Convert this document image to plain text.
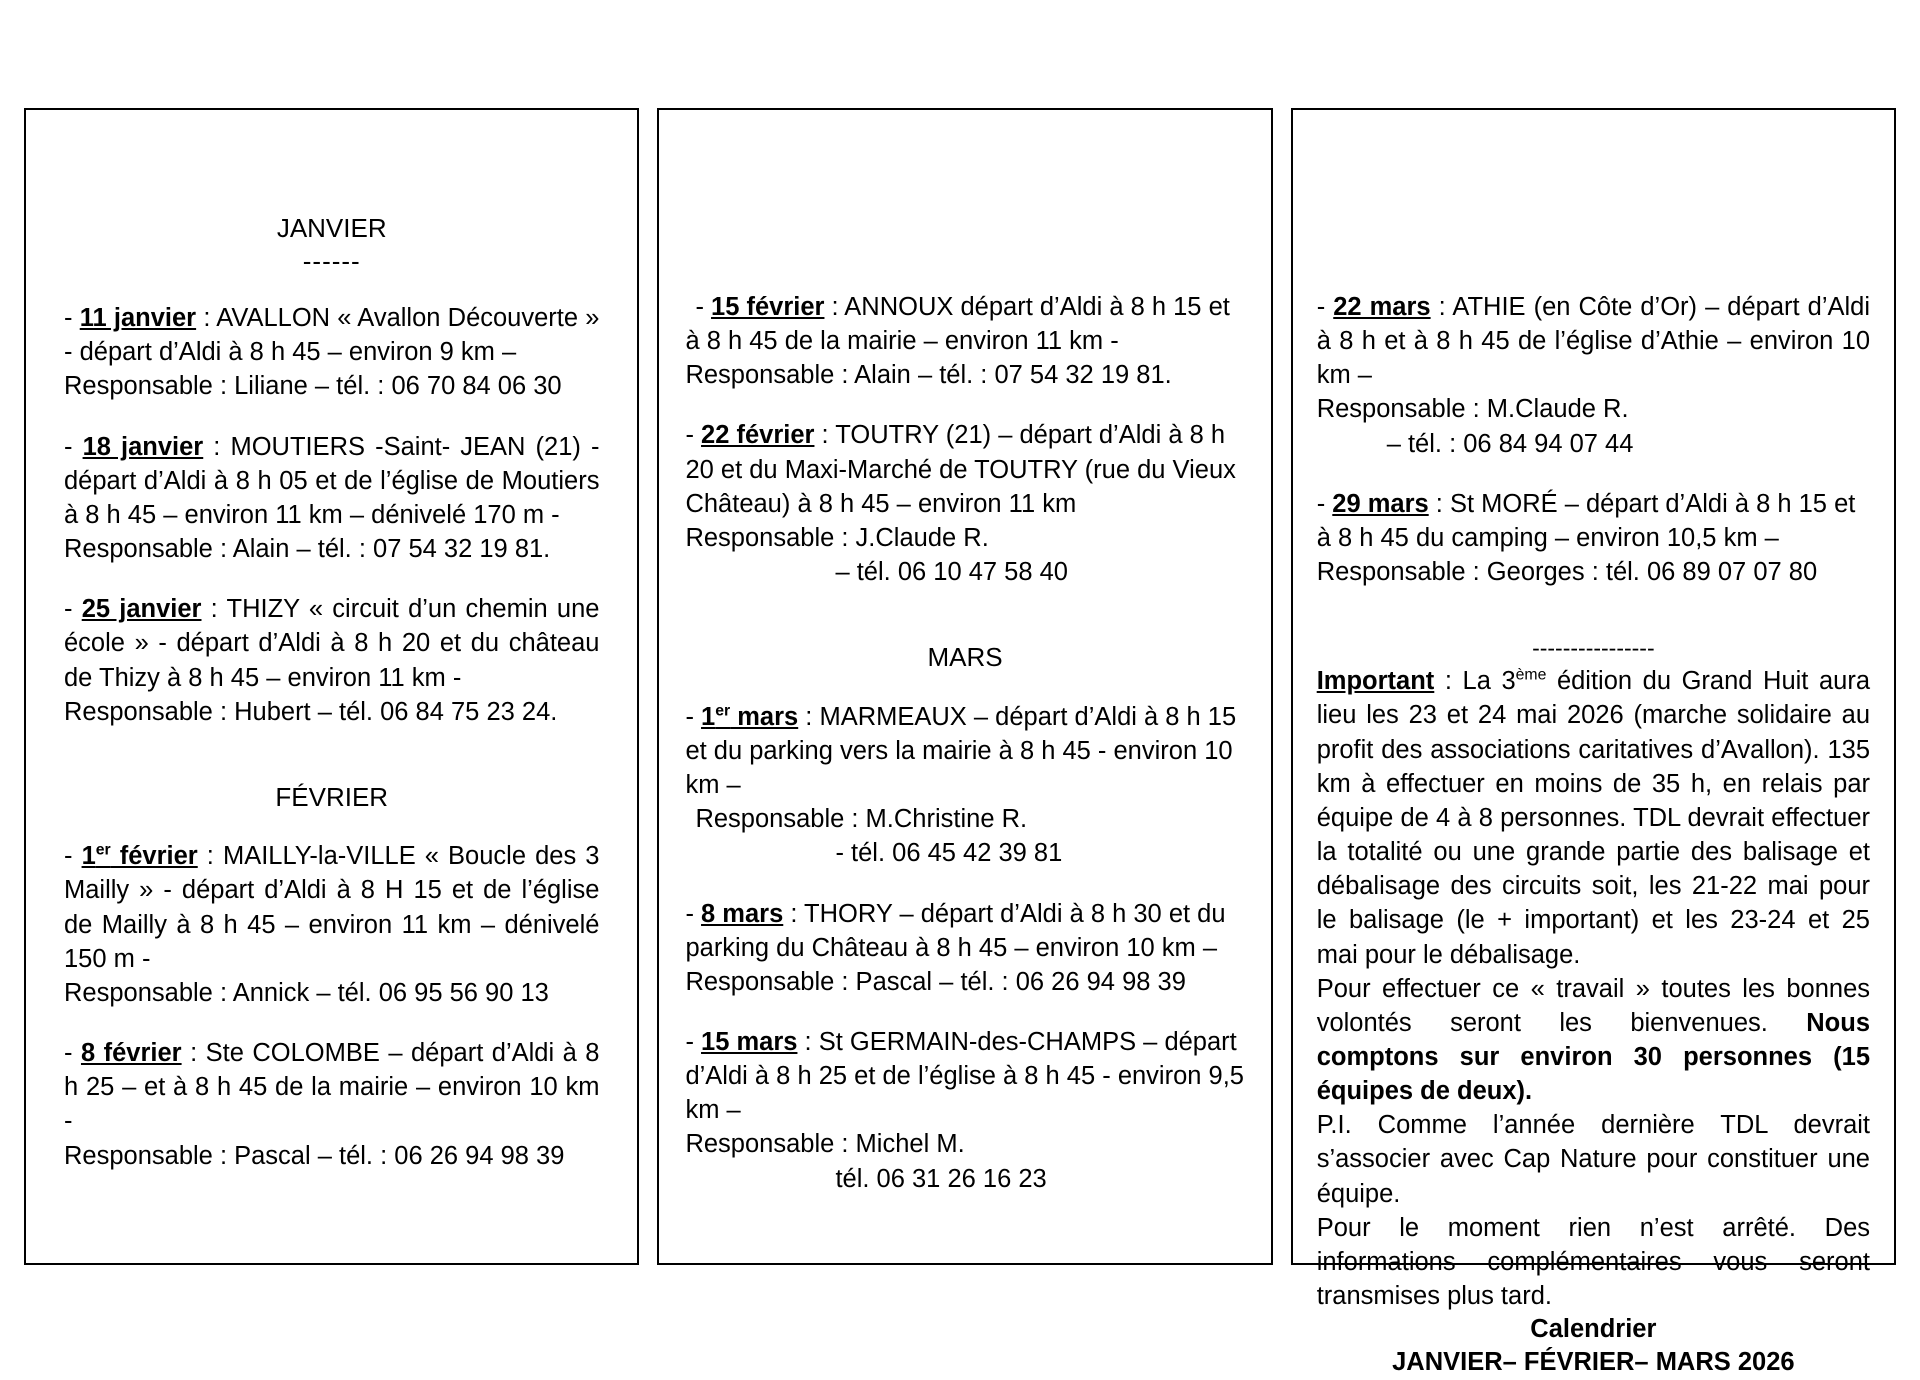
JANVIER
------
- 11 janvier : AVALLON « Avallon Découverte » - départ d’Aldi à 8 h 45 – environ 9 km –
Responsable : Liliane – tél. : 06 70 84 06 30
- 18 janvier : MOUTIERS -Saint- JEAN (21) - départ d’Aldi à 8 h 05 et de l’église de Moutiers à 8 h 45 – environ 11 km – dénivelé 170 m -
Responsable : Alain – tél. : 07 54 32 19 81.
- 25 janvier : THIZY « circuit d’un chemin une école » - départ d’Aldi à 8 h 20 et du château de Thizy à 8 h 45 – environ 11 km -
Responsable : Hubert – tél. 06 84 75 23 24.
FÉVRIER
- 1er février : MAILLY-la-VILLE « Boucle des 3 Mailly » - départ d’Aldi à 8 H 15 et de l’église de Mailly à 8 h 45 – environ 11 km – dénivelé 150 m -
Responsable : Annick – tél. 06 95 56 90 13
- 8 février : Ste COLOMBE – départ d’Aldi à 8 h 25 – et à 8 h 45 de la mairie – environ 10 km -
Responsable : Pascal – tél. : 06 26 94 98 39
- 15 février : ANNOUX départ d’Aldi à 8 h 15 et à 8 h 45 de la mairie – environ 11 km -
Responsable : Alain – tél. : 07 54 32 19 81.
- 22 février : TOUTRY (21) – départ d’Aldi à 8 h 20 et du Maxi-Marché de TOUTRY (rue du Vieux Château) à 8 h 45 – environ 11 km
Responsable : J.Claude R.
– tél. 06 10 47 58 40
MARS
- 1er mars : MARMEAUX – départ d’Aldi à 8 h 15 et du parking vers la mairie à 8 h 45 - environ 10 km –
Responsable : M.Christine R.
- tél. 06 45 42 39 81
- 8 mars : THORY – départ d’Aldi à 8 h 30 et du parking du Château à 8 h 45 – environ 10 km –
Responsable : Pascal – tél. : 06 26 94 98 39
- 15 mars : St GERMAIN-des-CHAMPS – départ d’Aldi à 8 h 25 et de l’église à 8 h 45 - environ 9,5 km –
Responsable : Michel M.
tél. 06 31 26 16 23
- 22 mars : ATHIE (en Côte d’Or) – départ d’Aldi à 8 h et à 8 h 45 de l’église d’Athie – environ 10 km –
Responsable : M.Claude R.
– tél. : 06 84 94 07 44
- 29 mars : St MORÉ – départ d’Aldi à 8 h 15 et à 8 h 45 du camping – environ 10,5 km –
Responsable : Georges : tél. 06 89 07 07 80
----------------
Important : La 3ème édition du Grand Huit aura lieu les 23 et 24 mai 2026 (marche solidaire au profit des associations caritatives d’Avallon). 135 km à effectuer en moins de 35 h, en relais par équipe de 4 à 8 personnes. TDL devrait effectuer la totalité ou une grande partie des balisage et débalisage des circuits soit, les 21-22 mai pour le balisage (le + important) et les 23-24 et 25 mai pour le débalisage.
Pour effectuer ce « travail » toutes les bonnes volontés seront les bienvenues. Nous comptons sur environ 30 personnes (15 équipes de deux).
P.I. Comme l’année dernière TDL devrait s’associer avec Cap Nature pour constituer une équipe.
Pour le moment rien n’est arrêté. Des informations complémentaires vous seront transmises plus tard.
Calendrier
JANVIER– FÉVRIER– MARS 2026
